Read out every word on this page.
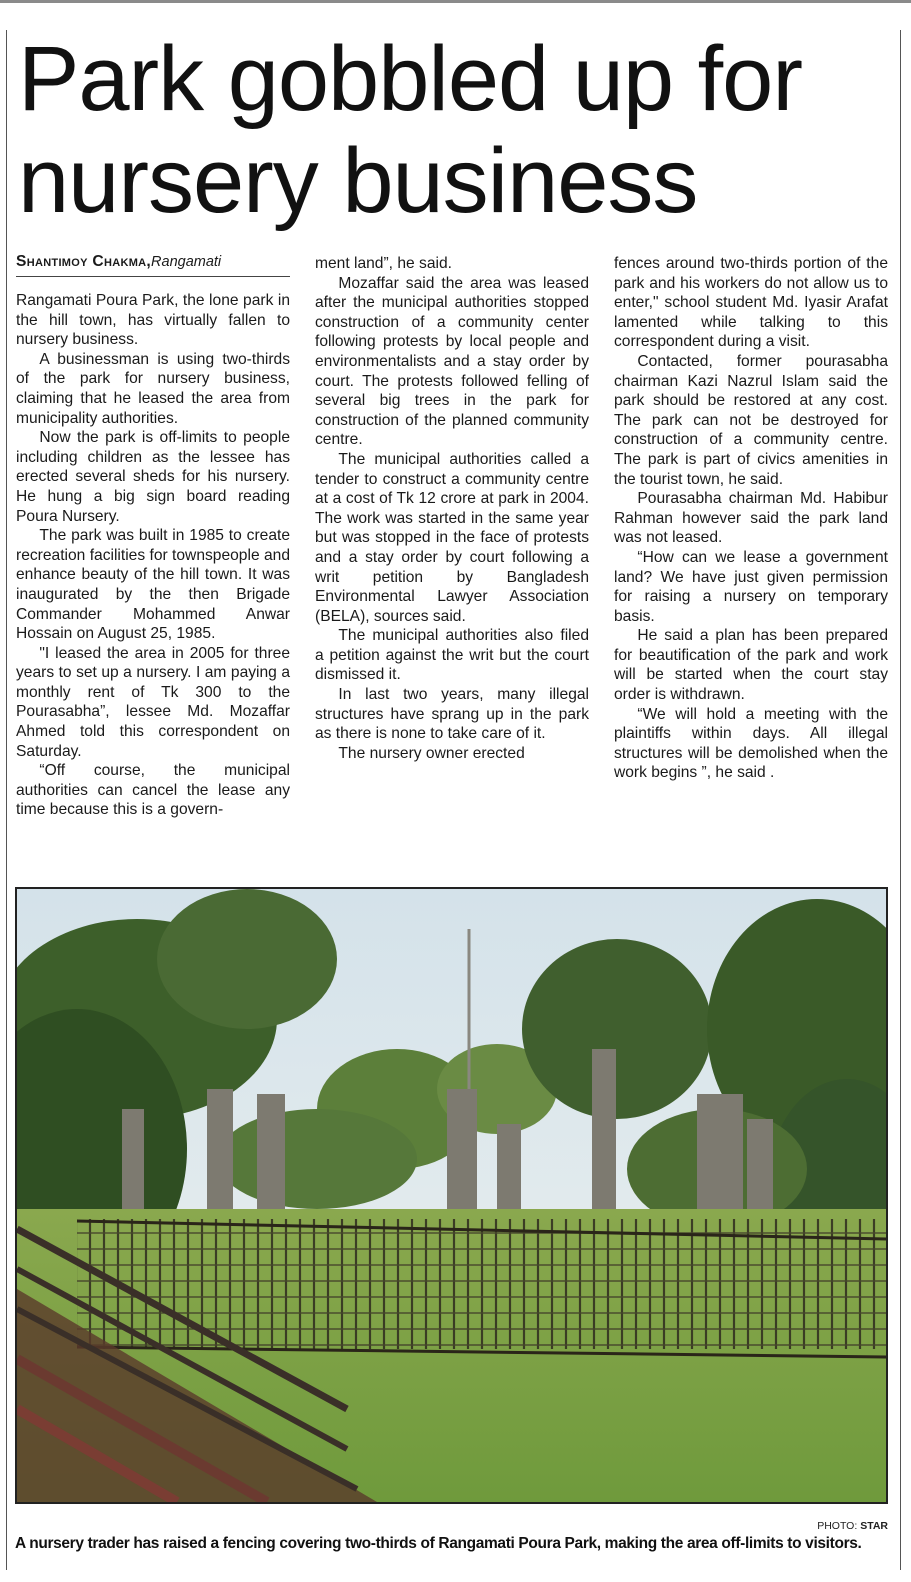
Park gobbled up for nursery business
Shantimoy Chakma,Rangamati

Rangamati Poura Park, the lone park in the hill town, has virtually fallen to nursery business.

A businessman is using two-thirds of the park for nursery business, claiming that he leased the area from municipality authorities.

Now the park is off-limits to people including children as the lessee has erected several sheds for his nursery. He hung a big sign board reading Poura Nursery.

The park was built in 1985 to create recreation facilities for townspeople and enhance beauty of the hill town. It was inaugurated by the then Brigade Commander Mohammed Anwar Hossain on August 25, 1985.

"I leased the area in 2005 for three years to set up a nursery. I am paying a monthly rent of Tk 300 to the Pourasabha”, lessee Md. Mozaffar Ahmed told this correspondent on Saturday.

“Off course, the municipal authorities can cancel the lease any time because this is a govern-

ment land”, he said.

Mozaffar said the area was leased after the municipal authorities stopped construction of a community center following protests by local people and environmentalists and a stay order by court. The protests followed felling of several big trees in the park for construction of the planned community centre.

The municipal authorities called a tender to construct a community centre at a cost of Tk 12 crore at park in 2004. The work was started in the same year but was stopped in the face of protests and a stay order by court following a writ petition by Bangladesh Environmental Lawyer Association (BELA), sources said.

The municipal authorities also filed a petition against the writ but the court dismissed it.

In last two years, many illegal structures have sprang up in the park as there is none to take care of it.

The nursery owner erected

fences around two-thirds portion of the park and his workers do not allow us to enter," school student Md. Iyasir Arafat lamented while talking to this correspondent during a visit.

Contacted, former pourasabha chairman Kazi Nazrul Islam said the park should be restored at any cost. The park can not be destroyed for construction of a community centre. The park is part of civics amenities in the tourist town, he said.

Pourasabha chairman Md. Habibur Rahman however said the park land was not leased.

“How can we lease a government land? We have just given permission for raising a nursery on temporary basis.

He said a plan has been prepared for beautification of the park and work will be started when the court stay order is withdrawn.

“We will hold a meeting with the plaintiffs within days. All illegal structures will be demolished when the work begins ”, he said .

PHOTO: STAR

A nursery trader has raised a fencing covering two-thirds of Rangamati Poura Park, making the area off-limits to visitors.
